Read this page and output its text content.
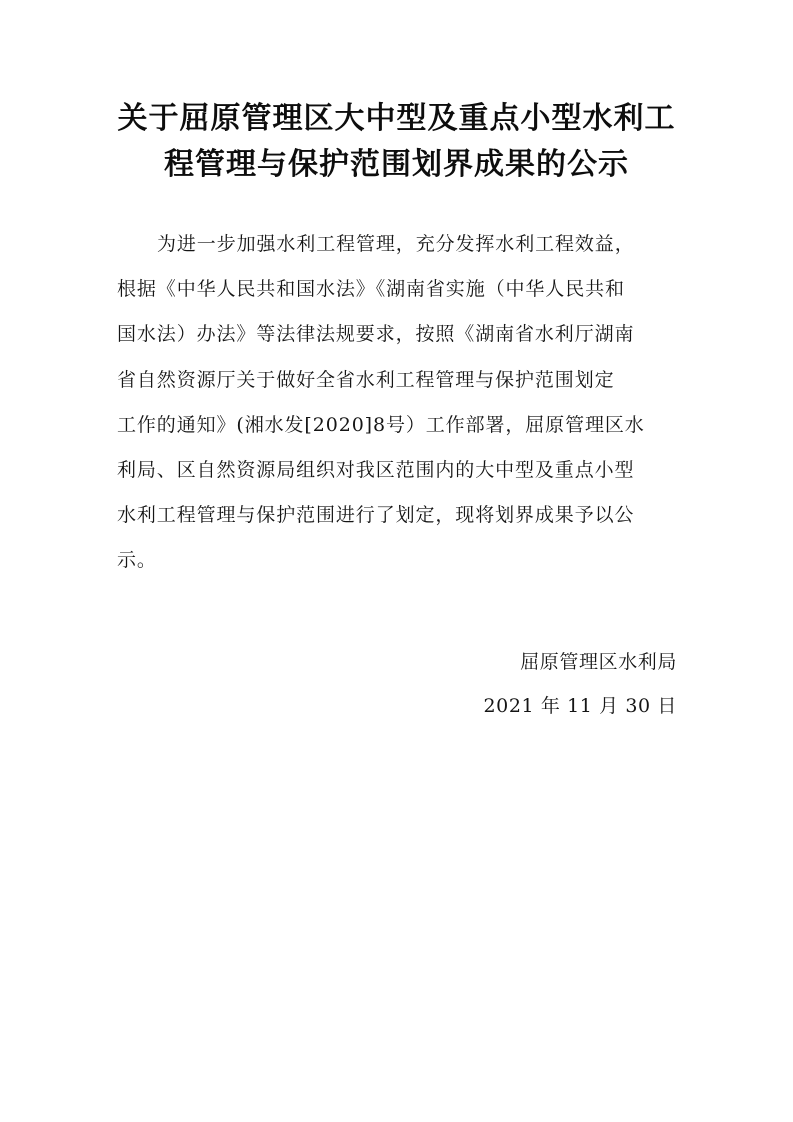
关于屈原管理区大中型及重点小型水利工
程管理与保护范围划界成果的公示
为进一步加强水利工程管理，充分发挥水利工程效益，
根据《中华人民共和国水法》《湖南省实施（中华人民共和
国水法）办法》等法律法规要求，按照《湖南省水利厅湖南
省自然资源厅关于做好全省水利工程管理与保护范围划定
工作的通知》(湘水发[2020]8号）工作部署，屈原管理区水
利局、区自然资源局组织对我区范围内的大中型及重点小型
水利工程管理与保护范围进行了划定，现将划界成果予以公
示。
屈原管理区水利局
2021 年 11 月 30 日
